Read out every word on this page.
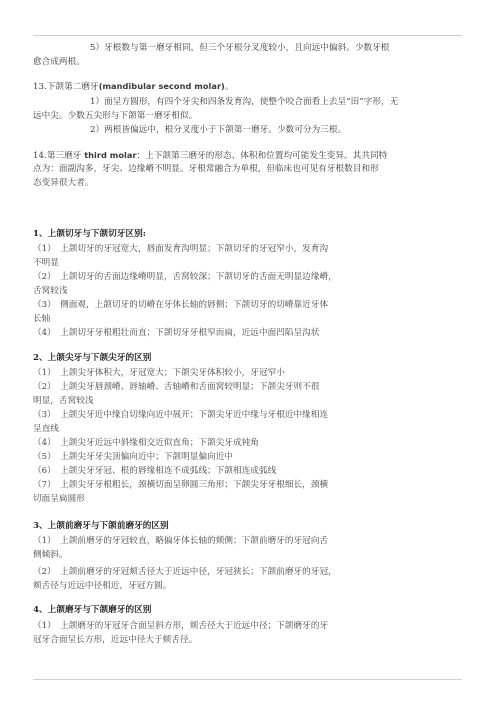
5）牙根数与第一磨牙相同，但三个牙根分叉度较小，且向远中偏斜。少数牙根
愈合成两根。
13.下颌第二磨牙(mandibular second molar)。
1）面呈方圆形，有四个牙尖和四条发育沟，使整个咬合面看上去呈“田”字形，无
远中尖。少数五尖形与下颌第一磨牙相似。
2）两根皆偏远中，根分叉度小于下颌第一磨牙。少数可分为三根。
14.第三磨牙 third molar：上下颌第三磨牙的形态、体积和位置均可能发生变异。其共同特
点为：面副沟多，牙尖、边缘嵴不明显。牙根常融合为单根，但临床也可见有牙根数目和形
态变异很大者。
1、上颌切牙与下颌切牙区别:
（1）　上颌切牙的牙冠宽大，唇面发育沟明显；下颌切牙的牙冠窄小，发育沟
不明显
（2）　上颌切牙的舌面边缘嵴明显，舌窝较深；下颌切牙的舌面无明显边缘嵴，
舌窝较浅
（3）　侧面观，上颌切牙的切嵴在牙体长轴的唇侧；下颌切牙的切嵴靠近牙体
长轴
（4）　上颌切牙牙根粗壮而直；下颌切牙牙根窄而扁，近远中面凹陷呈沟状
2、上颌尖牙与下颌尖牙的区别
（1）　上颌尖牙体积大，牙冠宽大；下颌尖牙体积较小，牙冠窄小
（2）　上颌尖牙唇颈嵴、唇轴嵴、舌轴嵴和舌面窝较明显；下颌尖牙则不很
明显，舌窝较浅
（3）　上颌尖牙近中缘自切缘向近中展开；下颌尖牙近中缘与牙根近中缘相连
呈直线
（4）　上颌尖牙近远中斜缘相交近似直角；下颌尖牙成钝角
（5）　上颌尖牙牙尖顶偏向近中；下颌明显偏向近中
（6）　上颌尖牙牙冠、根的唇缘相连不成弧线；下颌相连成弧线
（7）　上颌尖牙牙根粗长，颈横切面呈卵圆三角形；下颌尖牙牙根细长，颈横
切面呈扁圆形
3、上颌前磨牙与下颌前磨牙的区别
（1）　上颌前磨牙的牙冠较直，略偏牙体长轴的颊侧；下颌前磨牙的牙冠向舌
侧倾斜。
（2）　上颌前磨牙的牙冠颊舌径大于近远中径，牙冠狭长；下颌前磨牙的牙冠，
颊舌径与近远中径相近，牙冠方圆。
4、上颌磨牙与下颌磨牙的区别
（1）　上颌磨牙的牙冠牙合面呈斜方形，颊舌径大于近远中径；下颌磨牙的牙
冠牙合面呈长方形，近远中径大于颊舌径。
